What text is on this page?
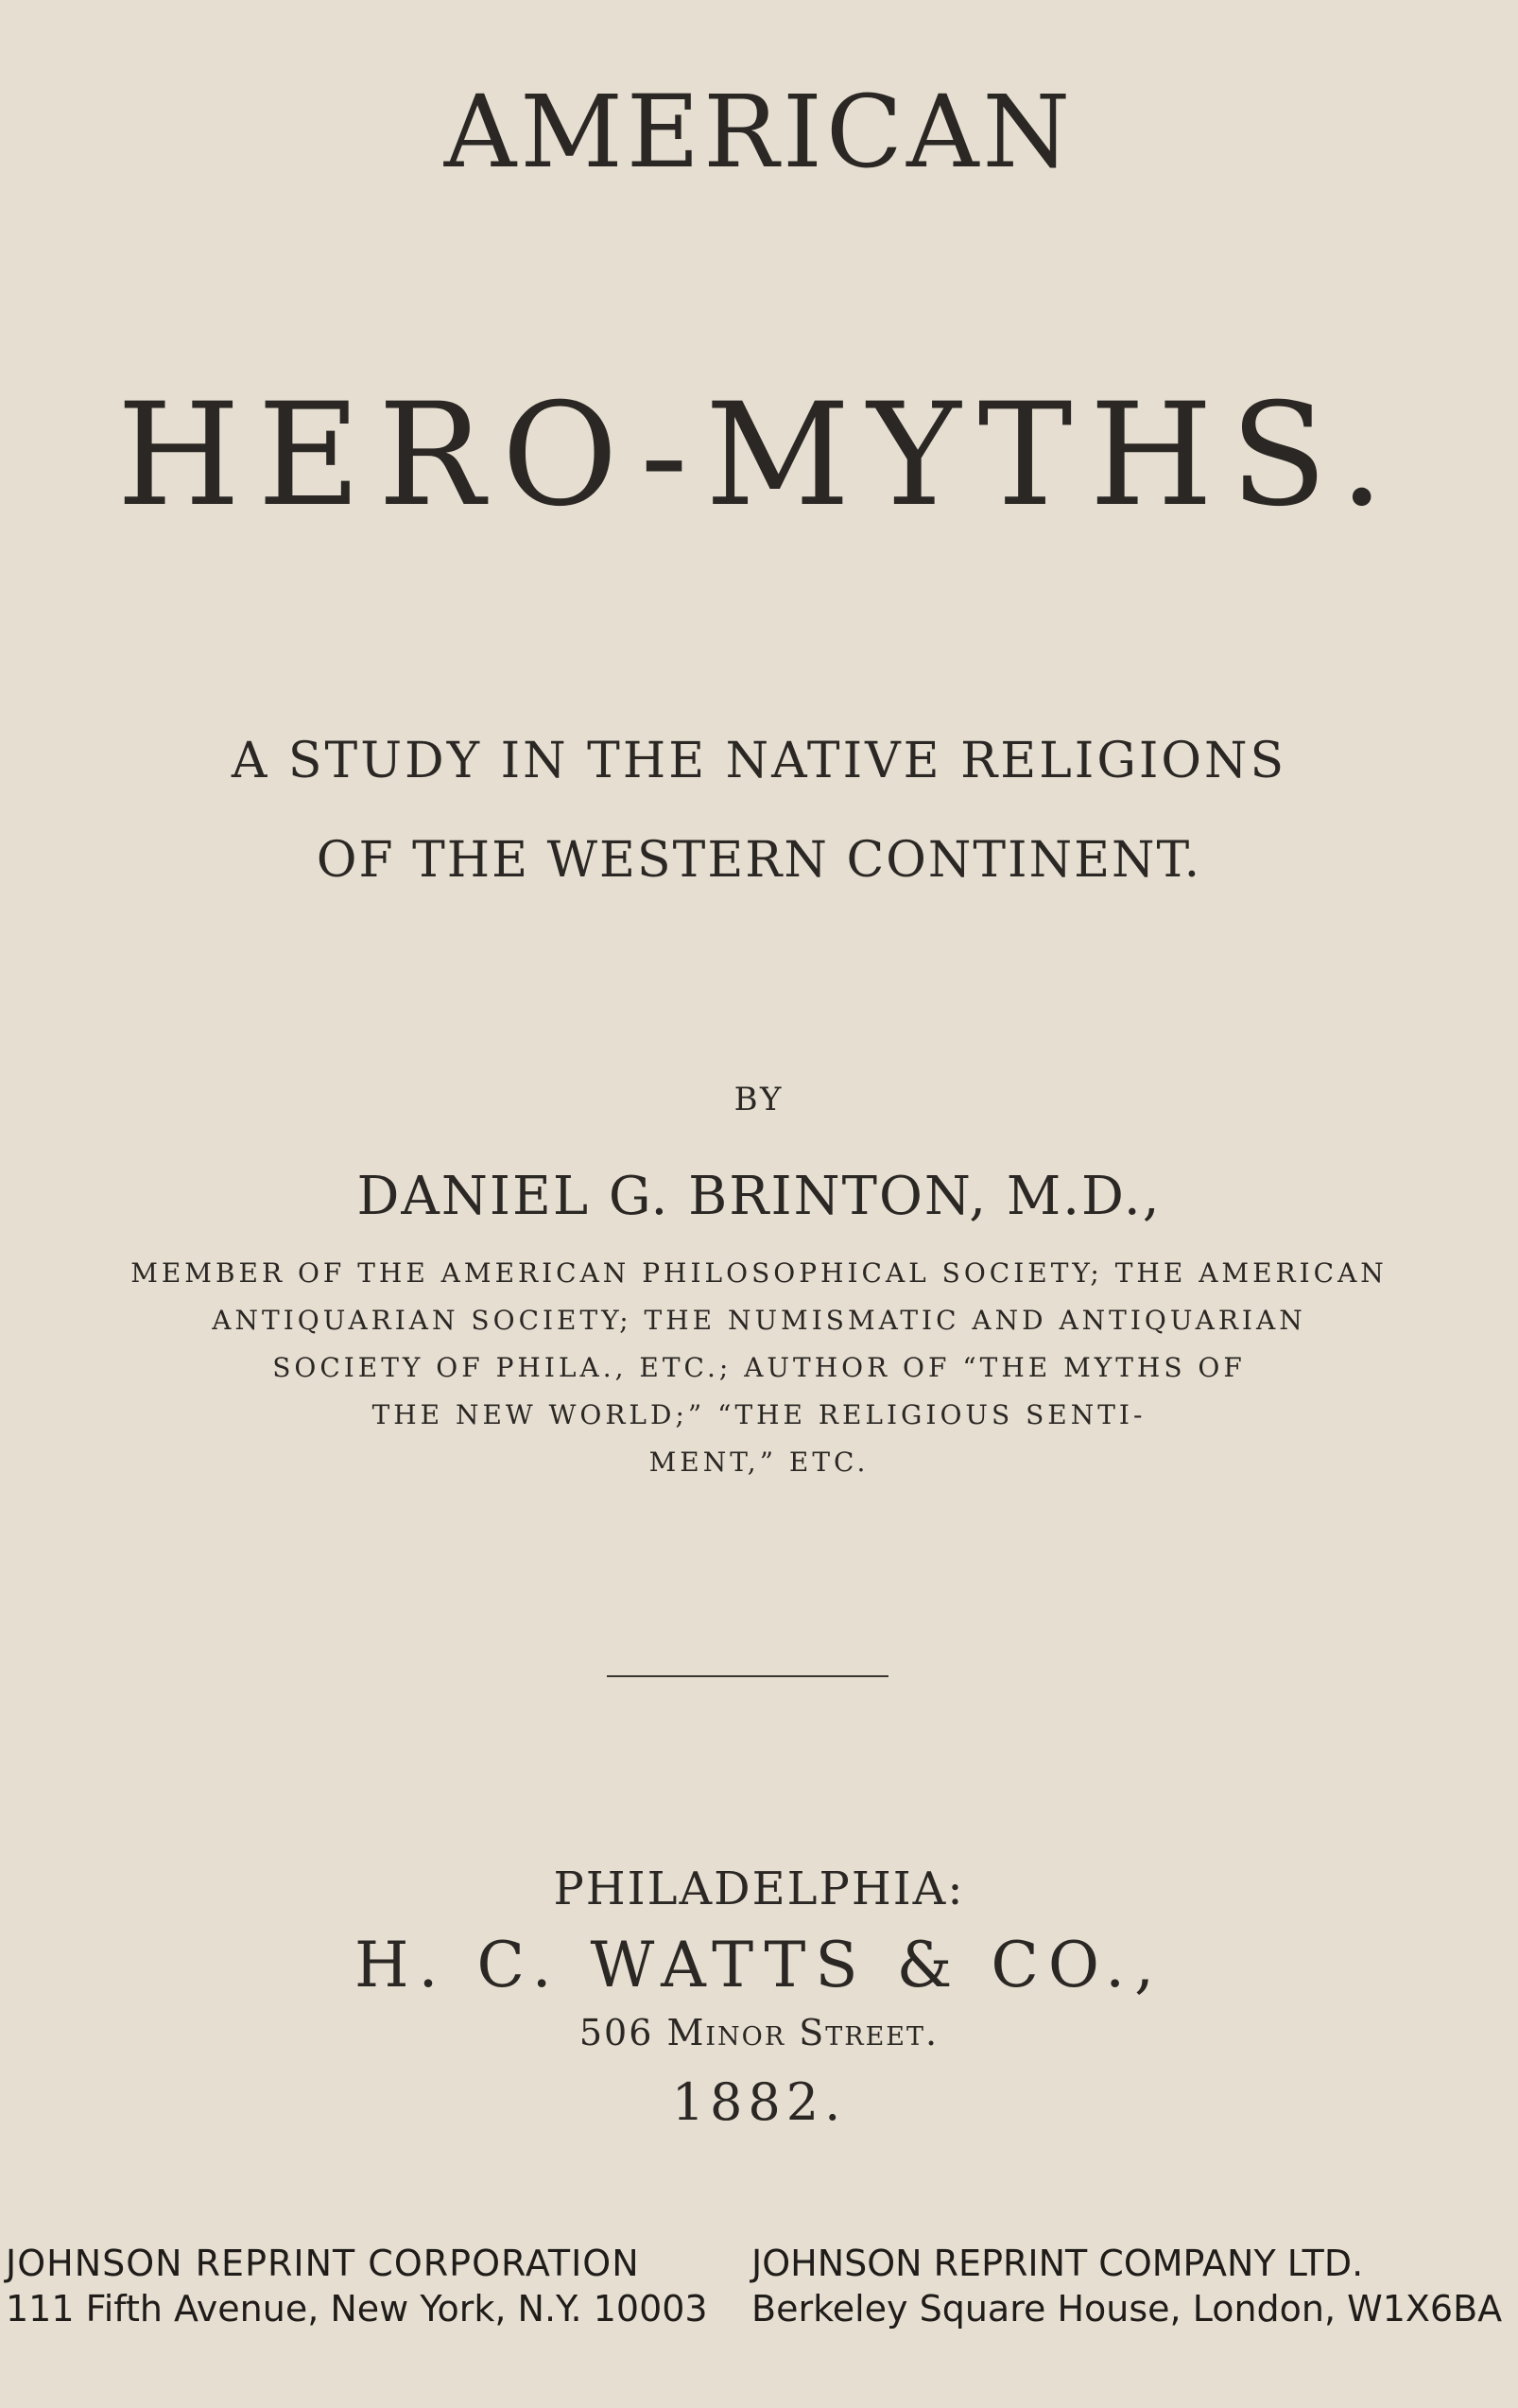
AMERICAN
HERO-MYTHS.
A STUDY IN THE NATIVE RELIGIONS
OF THE WESTERN CONTINENT.
BY
DANIEL G. BRINTON, M.D.,
MEMBER OF THE AMERICAN PHILOSOPHICAL SOCIETY; THE AMERICAN
ANTIQUARIAN SOCIETY; THE NUMISMATIC AND ANTIQUARIAN
SOCIETY OF PHILA., ETC.; AUTHOR OF “THE MYTHS OF
THE NEW WORLD;” “THE RELIGIOUS SENTI-
MENT,” ETC.
PHILADELPHIA:
H. C. WATTS & CO.,
506 Minor Street.
1882.
JOHNSON REPRINT CORPORATION
111 Fifth Avenue, New York, N.Y. 10003
JOHNSON REPRINT COMPANY LTD.
Berkeley Square House, London, W1X6BA
